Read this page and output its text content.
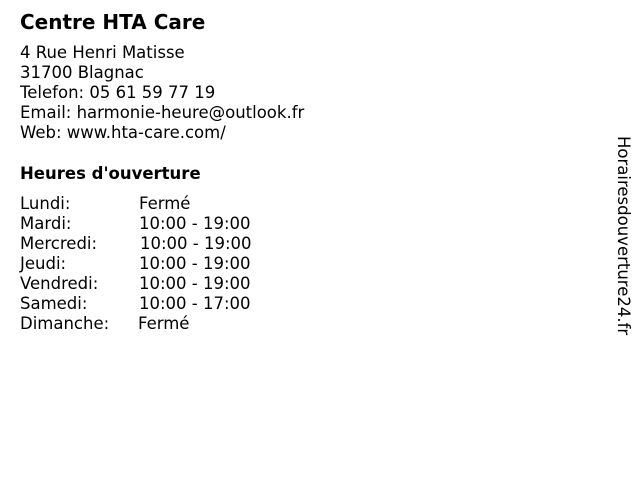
Centre HTA Care
4 Rue Henri Matisse
31700 Blagnac
Telefon: 05 61 59 77 19
Email: harmonie-heure@outlook.fr
Web: www.hta-care.com/
Heures d'ouverture
Lundi:	Fermé
Mardi:	10:00 - 19:00
Mercredi:	10:00 - 19:00
Jeudi:	10:00 - 19:00
Vendredi: 10:00 - 19:00
Samedi:	10:00 - 17:00
Dimanche: Fermé	Horairesdouverture24.fr
